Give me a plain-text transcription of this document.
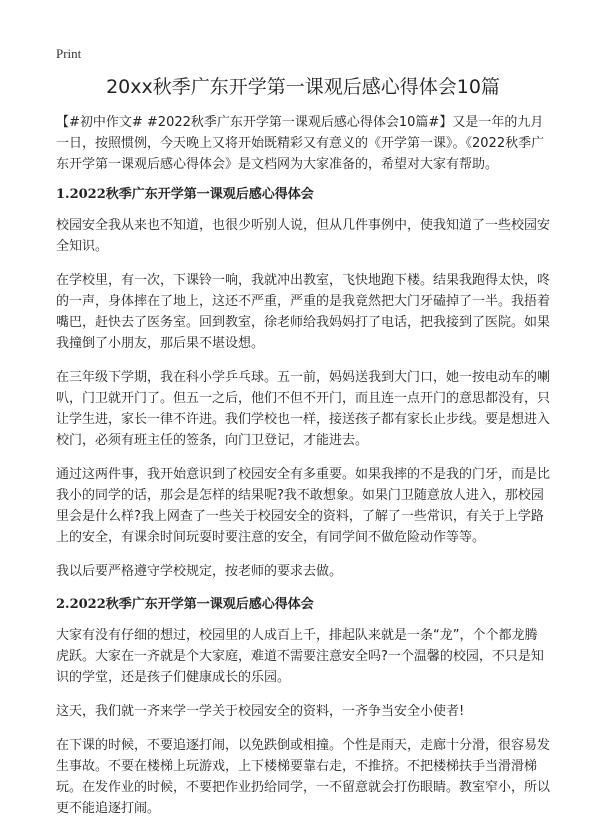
Print
20xx秋季广东开学第一课观后感心得体会10篇

【#初中作文# #2022秋季广东开学第一课观后感心得体会10篇#】又是一年的九月一日，按照惯例，今天晚上又将开始既精彩又有意义的《开学第一课》。《2022秋季广东开学第一课观后感心得体会》是文档网为大家准备的，希望对大家有帮助。

1.2022秋季广东开学第一课观后感心得体会

校园安全我从来也不知道，也很少听别人说，但从几件事例中，使我知道了一些校园安全知识。

在学校里，有一次，下课铃一响，我就冲出教室，飞快地跑下楼。结果我跑得太快，咚的一声，身体摔在了地上，这还不严重，严重的是我竟然把大门牙磕掉了一半。我捂着嘴巴，赶快去了医务室。回到教室，徐老师给我妈妈打了电话，把我接到了医院。如果我撞倒了小朋友，那后果不堪设想。

在三年级下学期，我在科小学乒乓球。五一前，妈妈送我到大门口，她一按电动车的喇叭，门卫就开门了。但五一之后，他们不但不开门，而且连一点开门的意思都没有，只让学生进，家长一律不许进。我们学校也一样，接送孩子都有家长止步线。要是想进入校门，必须有班主任的签条，向门卫登记，才能进去。

通过这两件事，我开始意识到了校园安全有多重要。如果我摔的不是我的门牙，而是比我小的同学的话，那会是怎样的结果呢?我不敢想象。如果门卫随意放人进入，那校园里会是什么样?我上网查了一些关于校园安全的资料，了解了一些常识，有关于上学路上的安全，有课余时间玩耍时要注意的安全，有同学间不做危险动作等等。

我以后要严格遵守学校规定，按老师的要求去做。

2.2022秋季广东开学第一课观后感心得体会

大家有没有仔细的想过，校园里的人成百上千，排起队来就是一条“龙”，个个都龙腾虎跃。大家在一齐就是个大家庭，难道不需要注意安全吗?一个温馨的校园，不只是知识的学堂，还是孩子们健康成长的乐园。

这天，我们就一齐来学一学关于校园安全的资料，一齐争当安全小使者!

在下课的时候，不要追逐打闹，以免跌倒或相撞。个性是雨天，走廊十分滑，很容易发生事故。不要在楼梯上玩游戏，上下楼梯要靠右走，不推挤。不把楼梯扶手当滑滑梯玩。在发作业的时候，不要把作业扔给同学，一不留意就会打伤眼睛。教室窄小，所以更不能追逐打闹。
